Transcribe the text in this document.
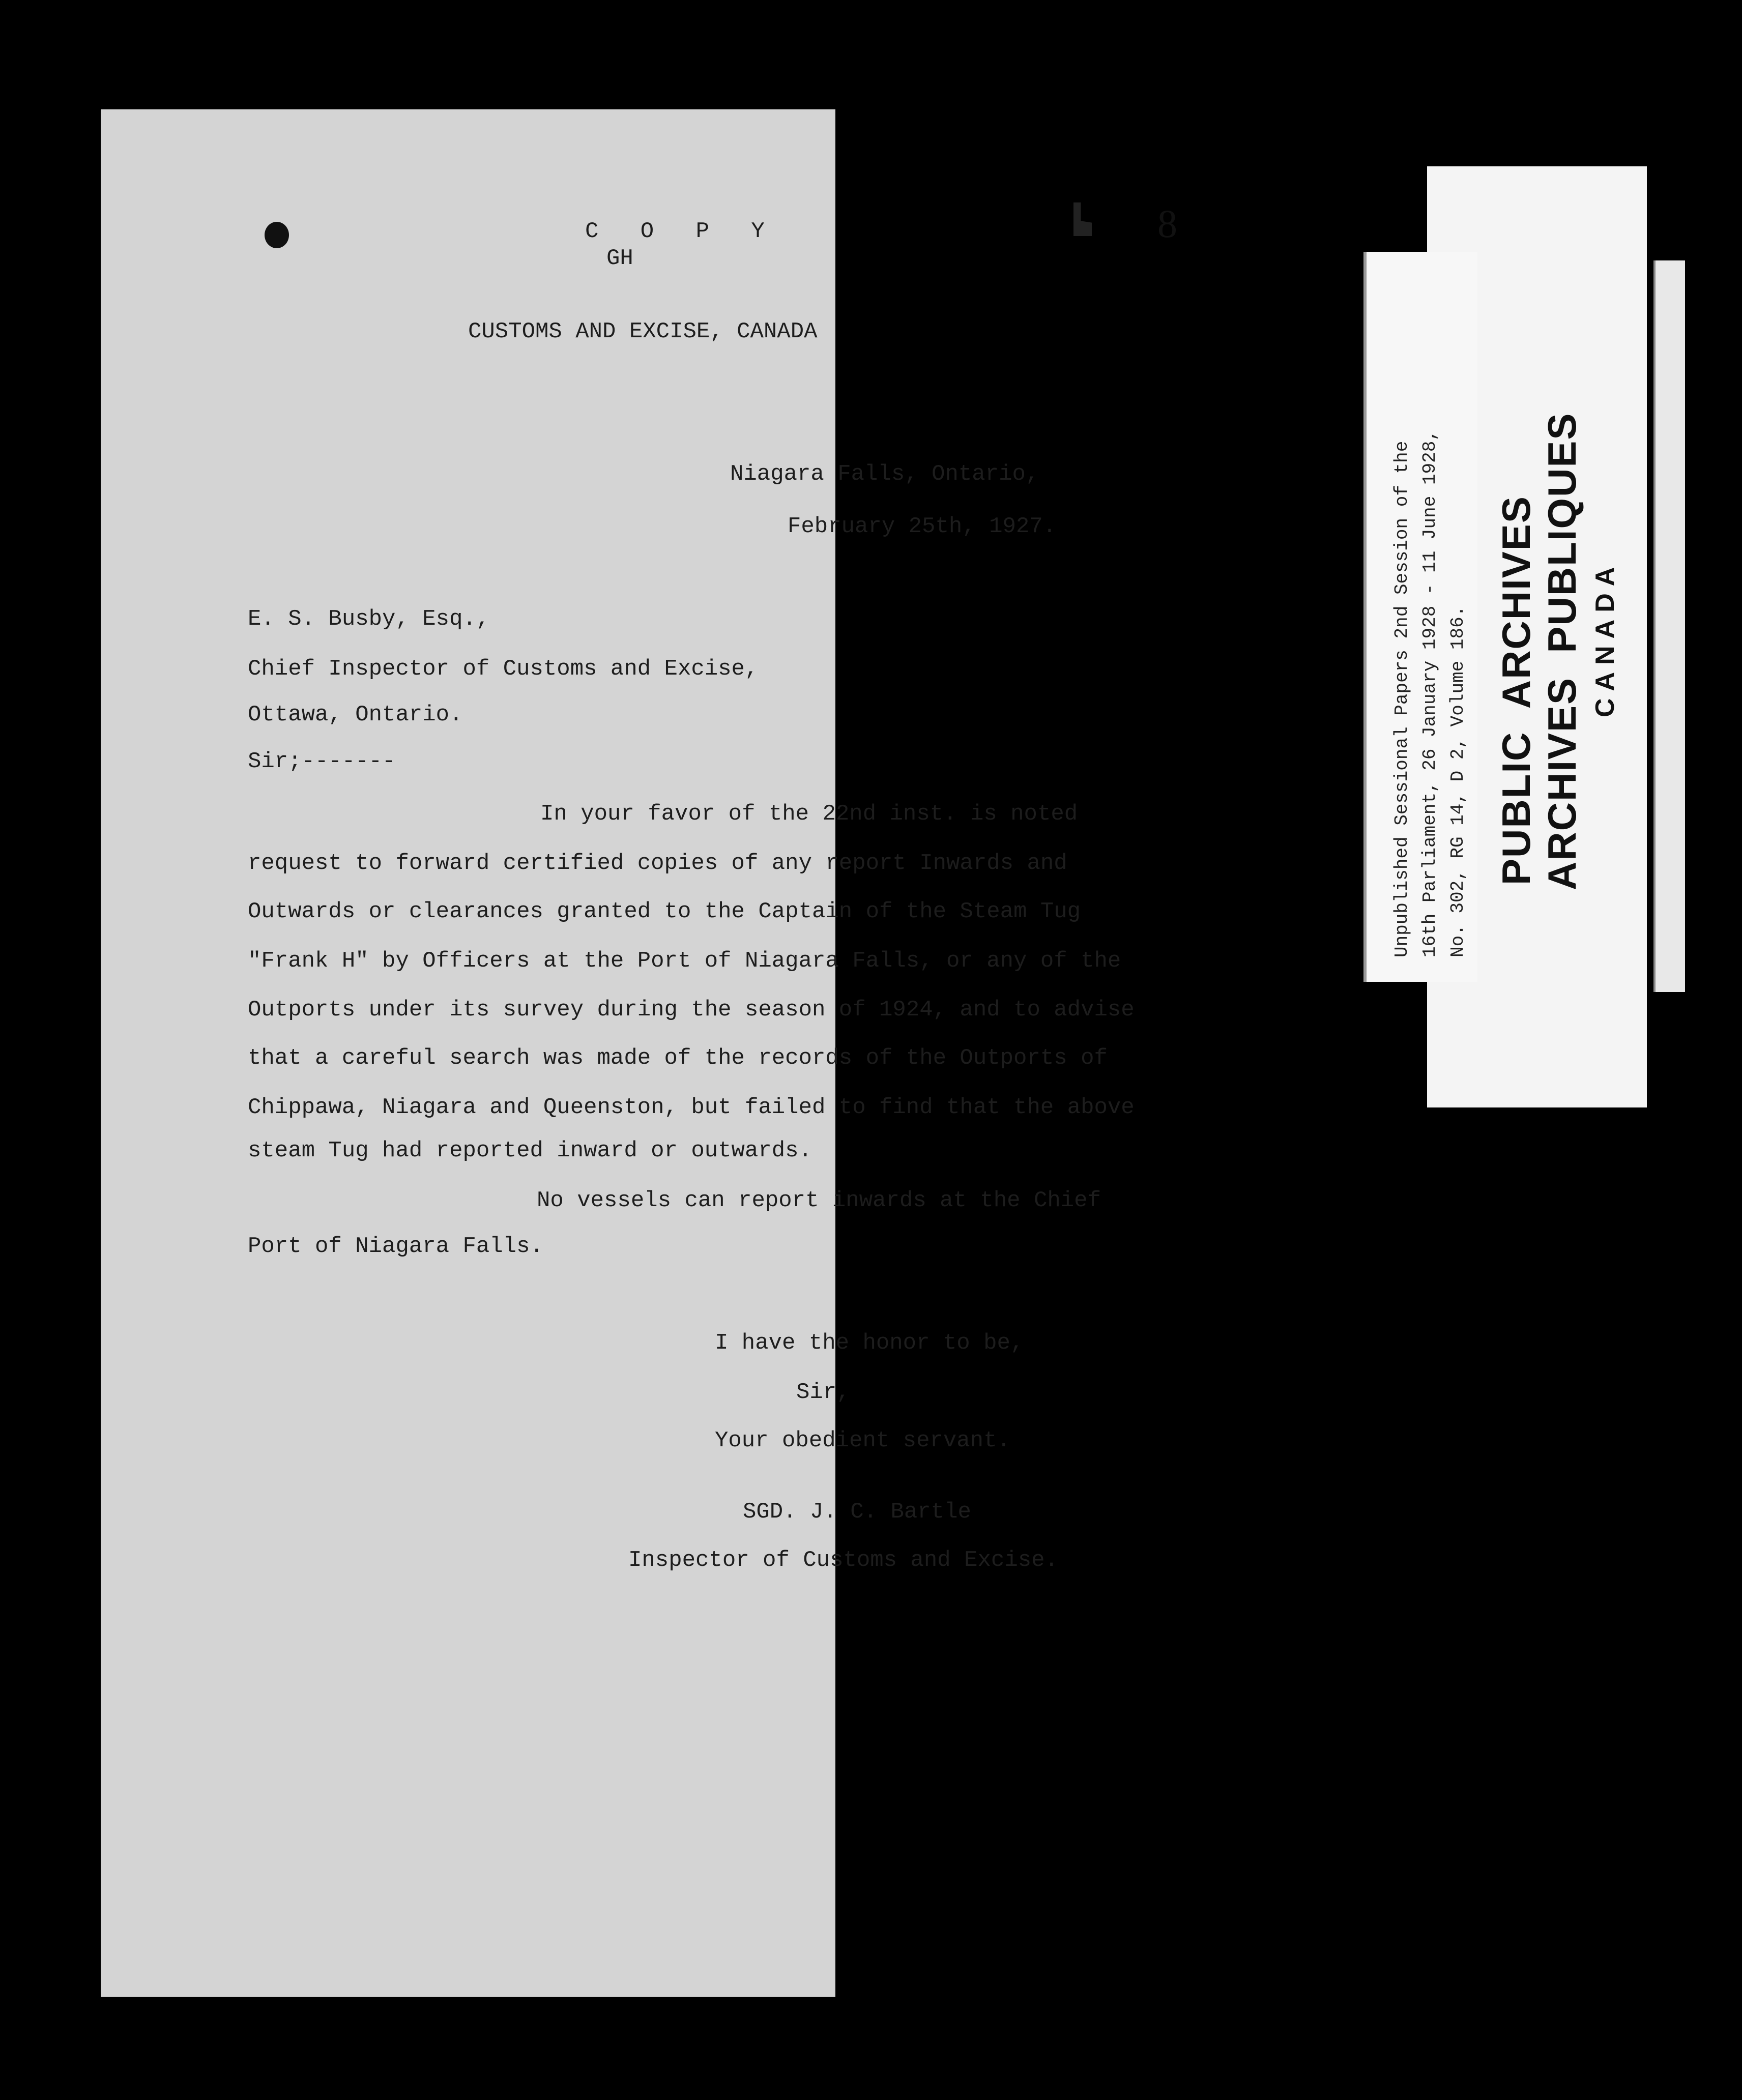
C O P Y
GH
8
CUSTOMS AND EXCISE, CANADA
Niagara Falls, Ontario,
February 25th, 1927.
E. S. Busby, Esq.,
Chief Inspector of Customs and Excise,
Ottawa, Ontario.
Sir;-------
In your favor of the 22nd inst. is noted
request to forward certified copies of any report Inwards and
Outwards or clearances granted to the Captain of the Steam Tug
"Frank H" by Officers at the Port of Niagara Falls, or any of the
Outports under its survey during the season of 1924, and to advise
that a careful search was made of the records of the Outports of
Chippawa, Niagara and Queenston, but failed to find that the above
steam Tug had reported inward or outwards.
No vessels can report inwards at the Chief
Port of Niagara Falls.
I have the honor to be,
Sir,
Your obedient servant.
SGD. J. C. Bartle
Inspector of Customs and Excise.
PUBLIC  ARCHIVES ARCHIVES  PUBLIQUES CANADA
Unpublished Sessional Papers 2nd Session of the 16th Parliament, 26 January 1928 - 11 June 1928, No. 302, RG 14, D 2, Volume 186.
